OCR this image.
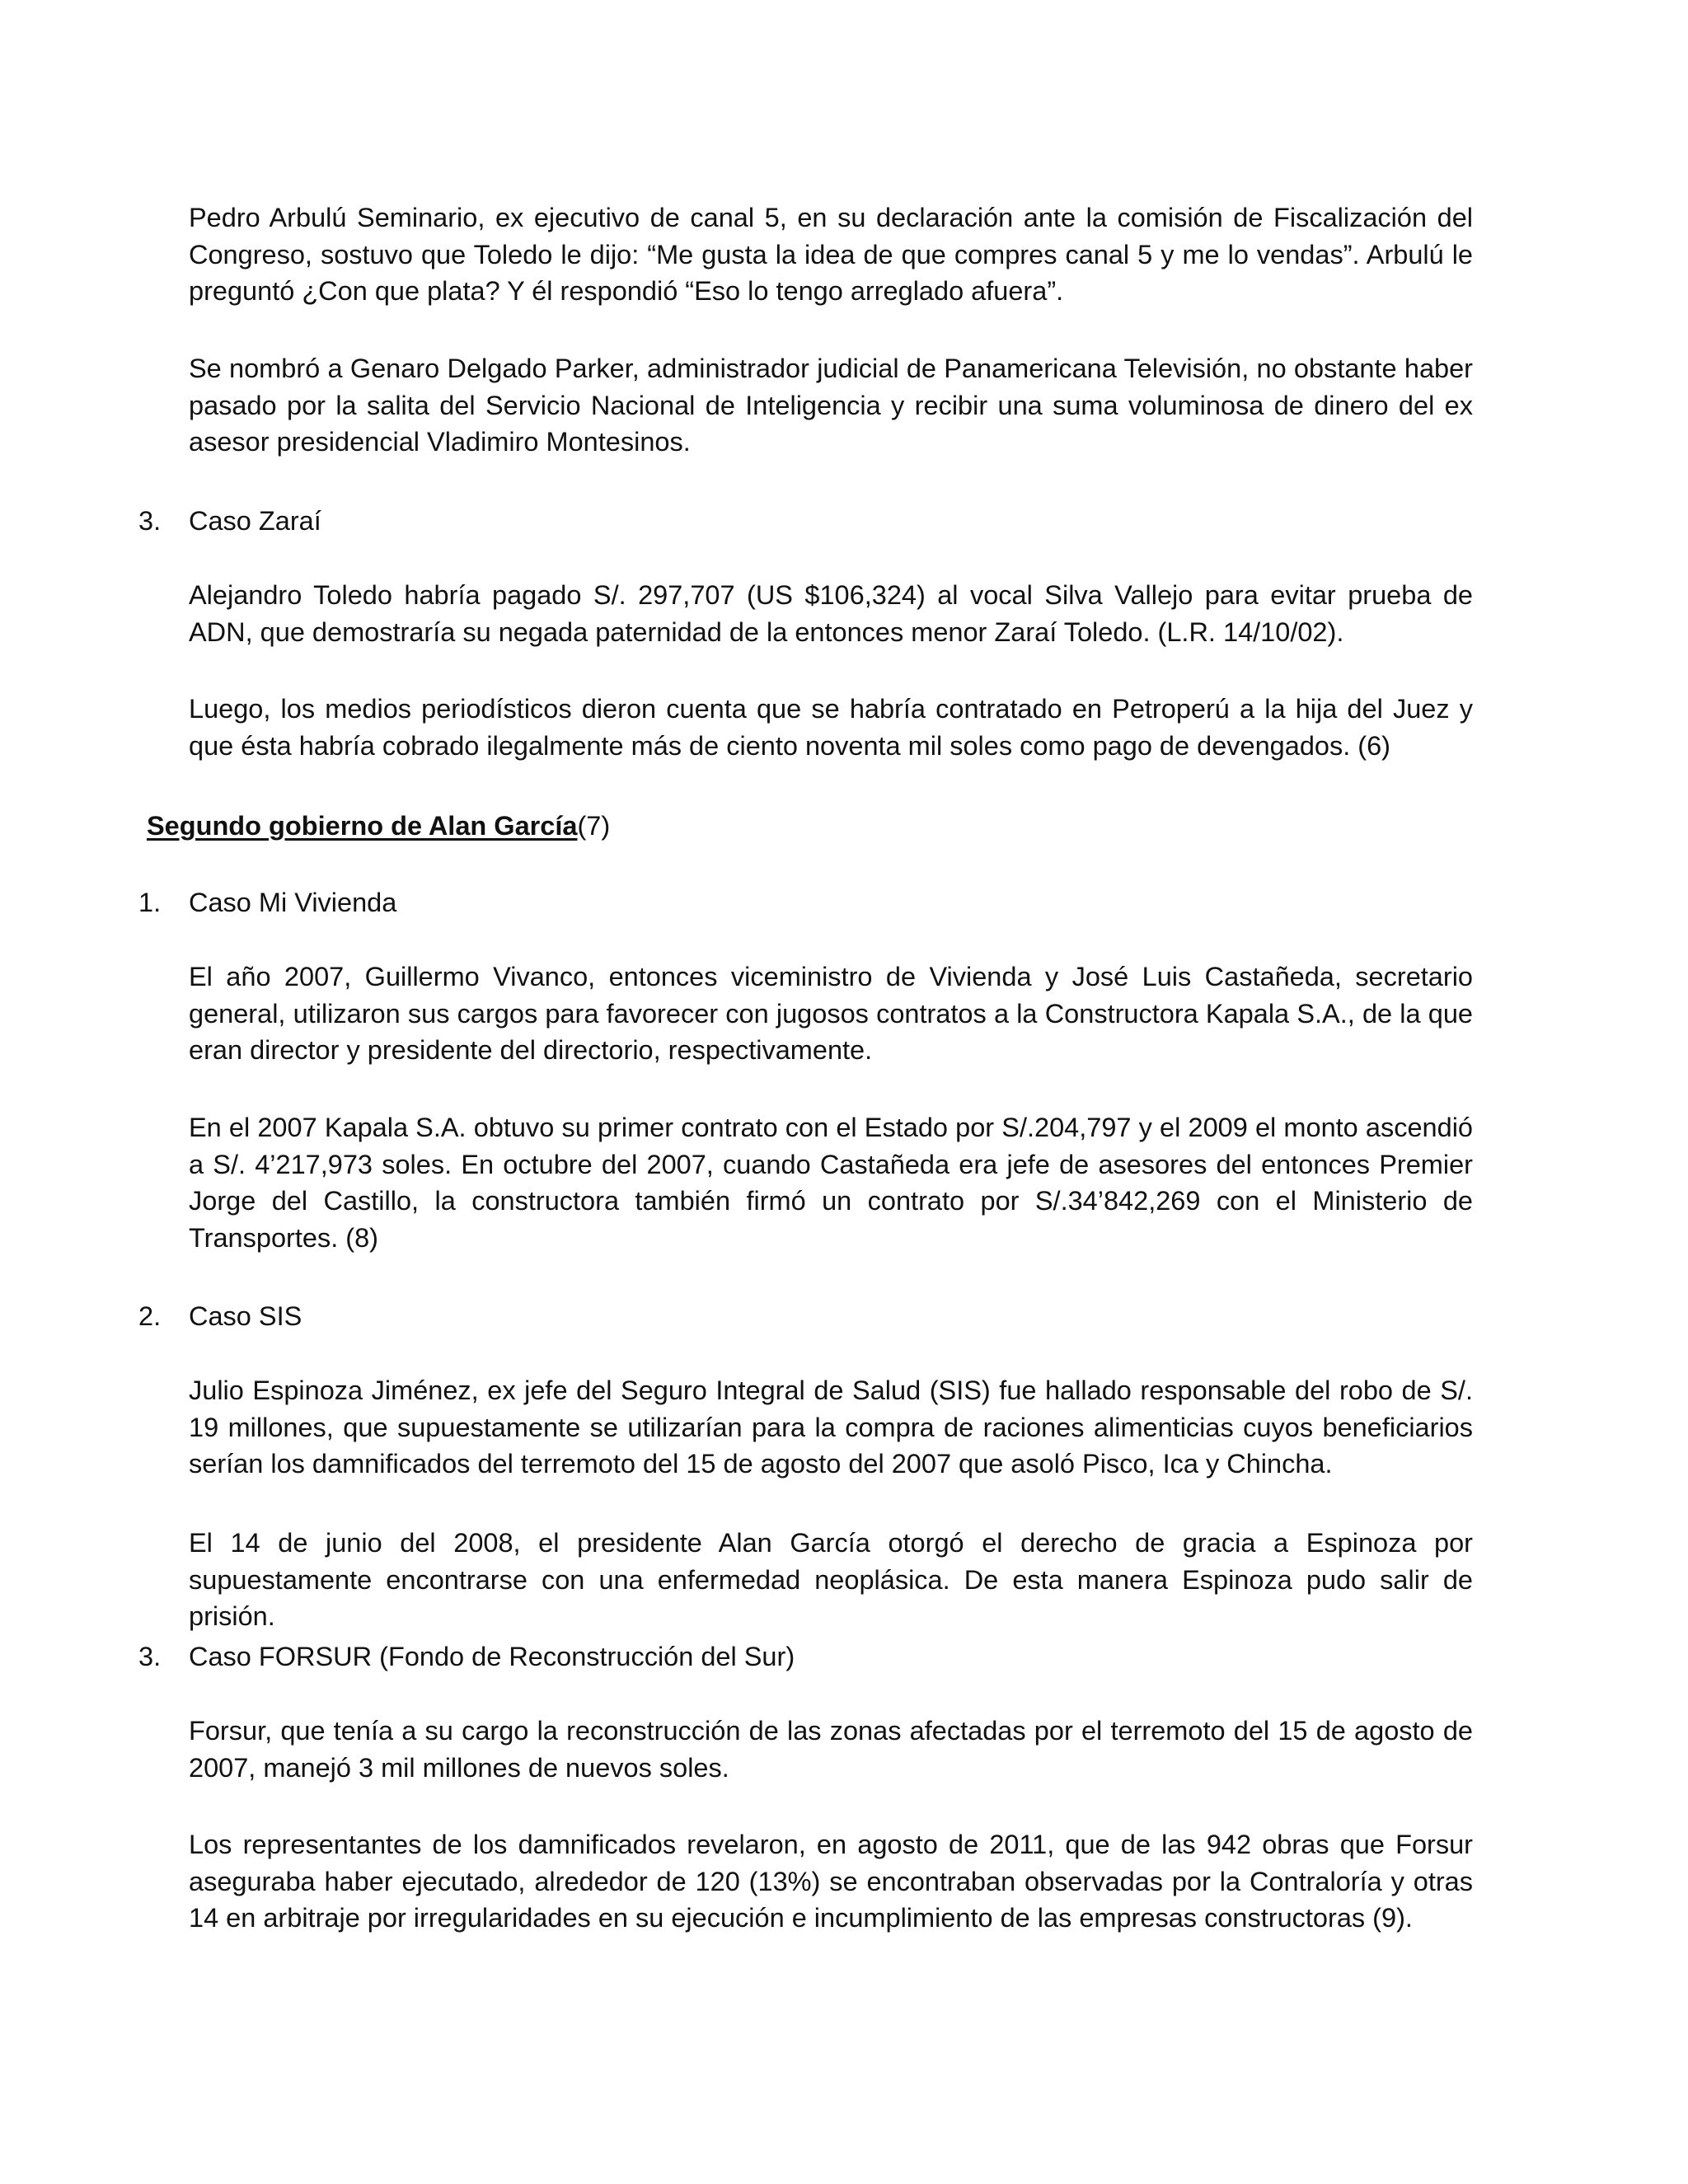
Pedro Arbulú Seminario, ex ejecutivo de canal 5, en su declaración ante la comisión de Fiscalización del Congreso, sostuvo que Toledo le dijo: “Me gusta la idea de que compres canal 5 y me lo vendas”. Arbulú le preguntó ¿Con que plata? Y él respondió “Eso lo tengo arreglado afuera”.

Se nombró a Genaro Delgado Parker, administrador judicial de Panamericana Televisión, no obstante haber pasado por la salita del Servicio Nacional de Inteligencia y recibir una suma voluminosa de dinero del ex asesor presidencial Vladimiro Montesinos.

3. Caso Zaraí

Alejandro Toledo habría pagado S/. 297,707 (US $106,324) al vocal Silva Vallejo para evitar prueba de ADN, que demostraría su negada paternidad de la entonces menor Zaraí Toledo. (L.R. 14/10/02).

Luego, los medios periodísticos dieron cuenta que se habría contratado en Petroperú a la hija del Juez y que ésta habría cobrado ilegalmente más de ciento noventa mil soles como pago de devengados. (6)

Segundo gobierno de Alan García(7)
1. Caso Mi Vivienda

El año 2007, Guillermo Vivanco, entonces viceministro de Vivienda y José Luis Castañeda, secretario general, utilizaron sus cargos para favorecer con jugosos contratos a la Constructora Kapala S.A., de la que eran director y presidente del directorio, respectivamente.

En el 2007 Kapala S.A. obtuvo su primer contrato con el Estado por S/.204,797 y el 2009 el monto ascendió a S/. 4’217,973 soles. En octubre del 2007, cuando Castañeda era jefe de asesores del entonces Premier Jorge del Castillo, la constructora también firmó un contrato por S/.34’842,269 con el Ministerio de Transportes. (8)

2. Caso SIS

Julio Espinoza Jiménez, ex jefe del Seguro Integral de Salud (SIS) fue hallado responsable del robo de S/. 19 millones, que supuestamente se utilizarían para la compra de raciones alimenticias cuyos beneficiarios serían los damnificados del terremoto del 15 de agosto del 2007 que asoló Pisco, Ica y Chincha.

El 14 de junio del 2008, el presidente Alan García otorgó el derecho de gracia a Espinoza por supuestamente encontrarse con una enfermedad neoplásica. De esta manera Espinoza pudo salir de prisión.

3. Caso FORSUR (Fondo de Reconstrucción del Sur)

Forsur, que tenía a su cargo la reconstrucción de las zonas afectadas por el terremoto del 15 de agosto de 2007, manejó 3 mil millones de nuevos soles.

Los representantes de los damnificados revelaron, en agosto de 2011, que de las 942 obras que Forsur aseguraba haber ejecutado, alrededor de 120 (13%) se encontraban observadas por la Contraloría y otras 14 en arbitraje por irregularidades en su ejecución e incumplimiento de las empresas constructoras (9).
